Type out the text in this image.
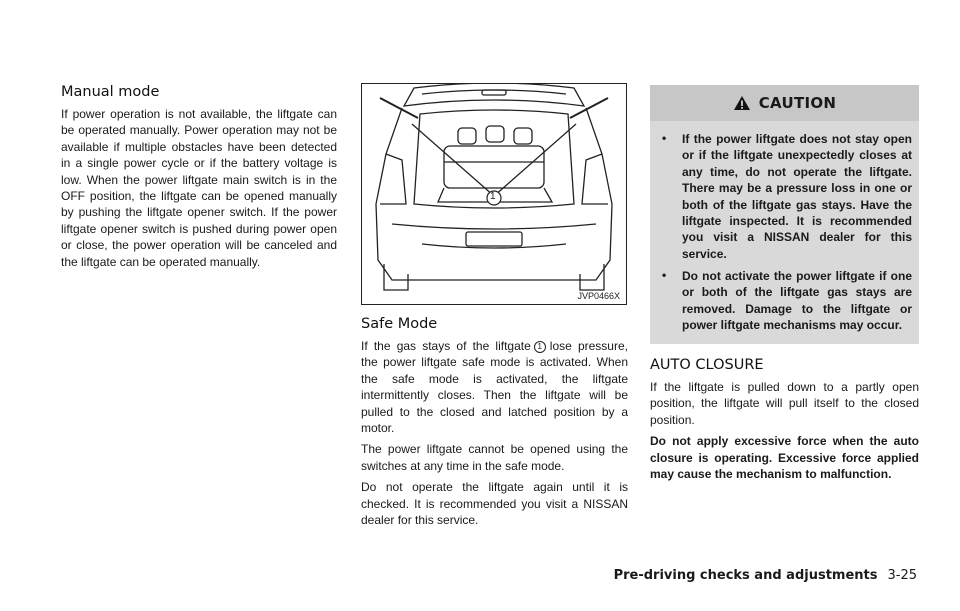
Manual mode

If power operation is not available, the liftgate can be operated manually. Power operation may not be available if multiple obstacles have been detected in a single power cycle or if the battery voltage is low. When the power liftgate main switch is in the OFF position, the liftgate can be opened manually by pushing the liftgate opener switch. If the power liftgate opener switch is pushed during power open or close, the power operation will be canceled and the liftgate can be operated manually.

1
JVP0466X
Safe Mode

If the gas stays of the liftgate 1 lose pressure, the power liftgate safe mode is activated. When the safe mode is activated, the liftgate intermittently closes. Then the liftgate will be pulled to the closed and latched position by a motor.

The power liftgate cannot be opened using the switches at any time in the safe mode.

Do not operate the liftgate again until it is checked. It is recommended you visit a NISSAN dealer for this service.

CAUTION
• If the power liftgate does not stay open or if the liftgate unexpectedly closes at any time, do not operate the liftgate. There may be a pressure loss in one or both of the liftgate gas stays. Have the liftgate inspected. It is recommended you visit a NISSAN dealer for this service.
• Do not activate the power liftgate if one or both of the liftgate gas stays are removed. Damage to the liftgate or power liftgate mechanisms may occur.
AUTO CLOSURE

If the liftgate is pulled down to a partly open position, the liftgate will pull itself to the closed position.

Do not apply excessive force when the auto closure is operating. Excessive force applied may cause the mechanism to malfunction.

Pre-driving checks and adjustments 3-25
